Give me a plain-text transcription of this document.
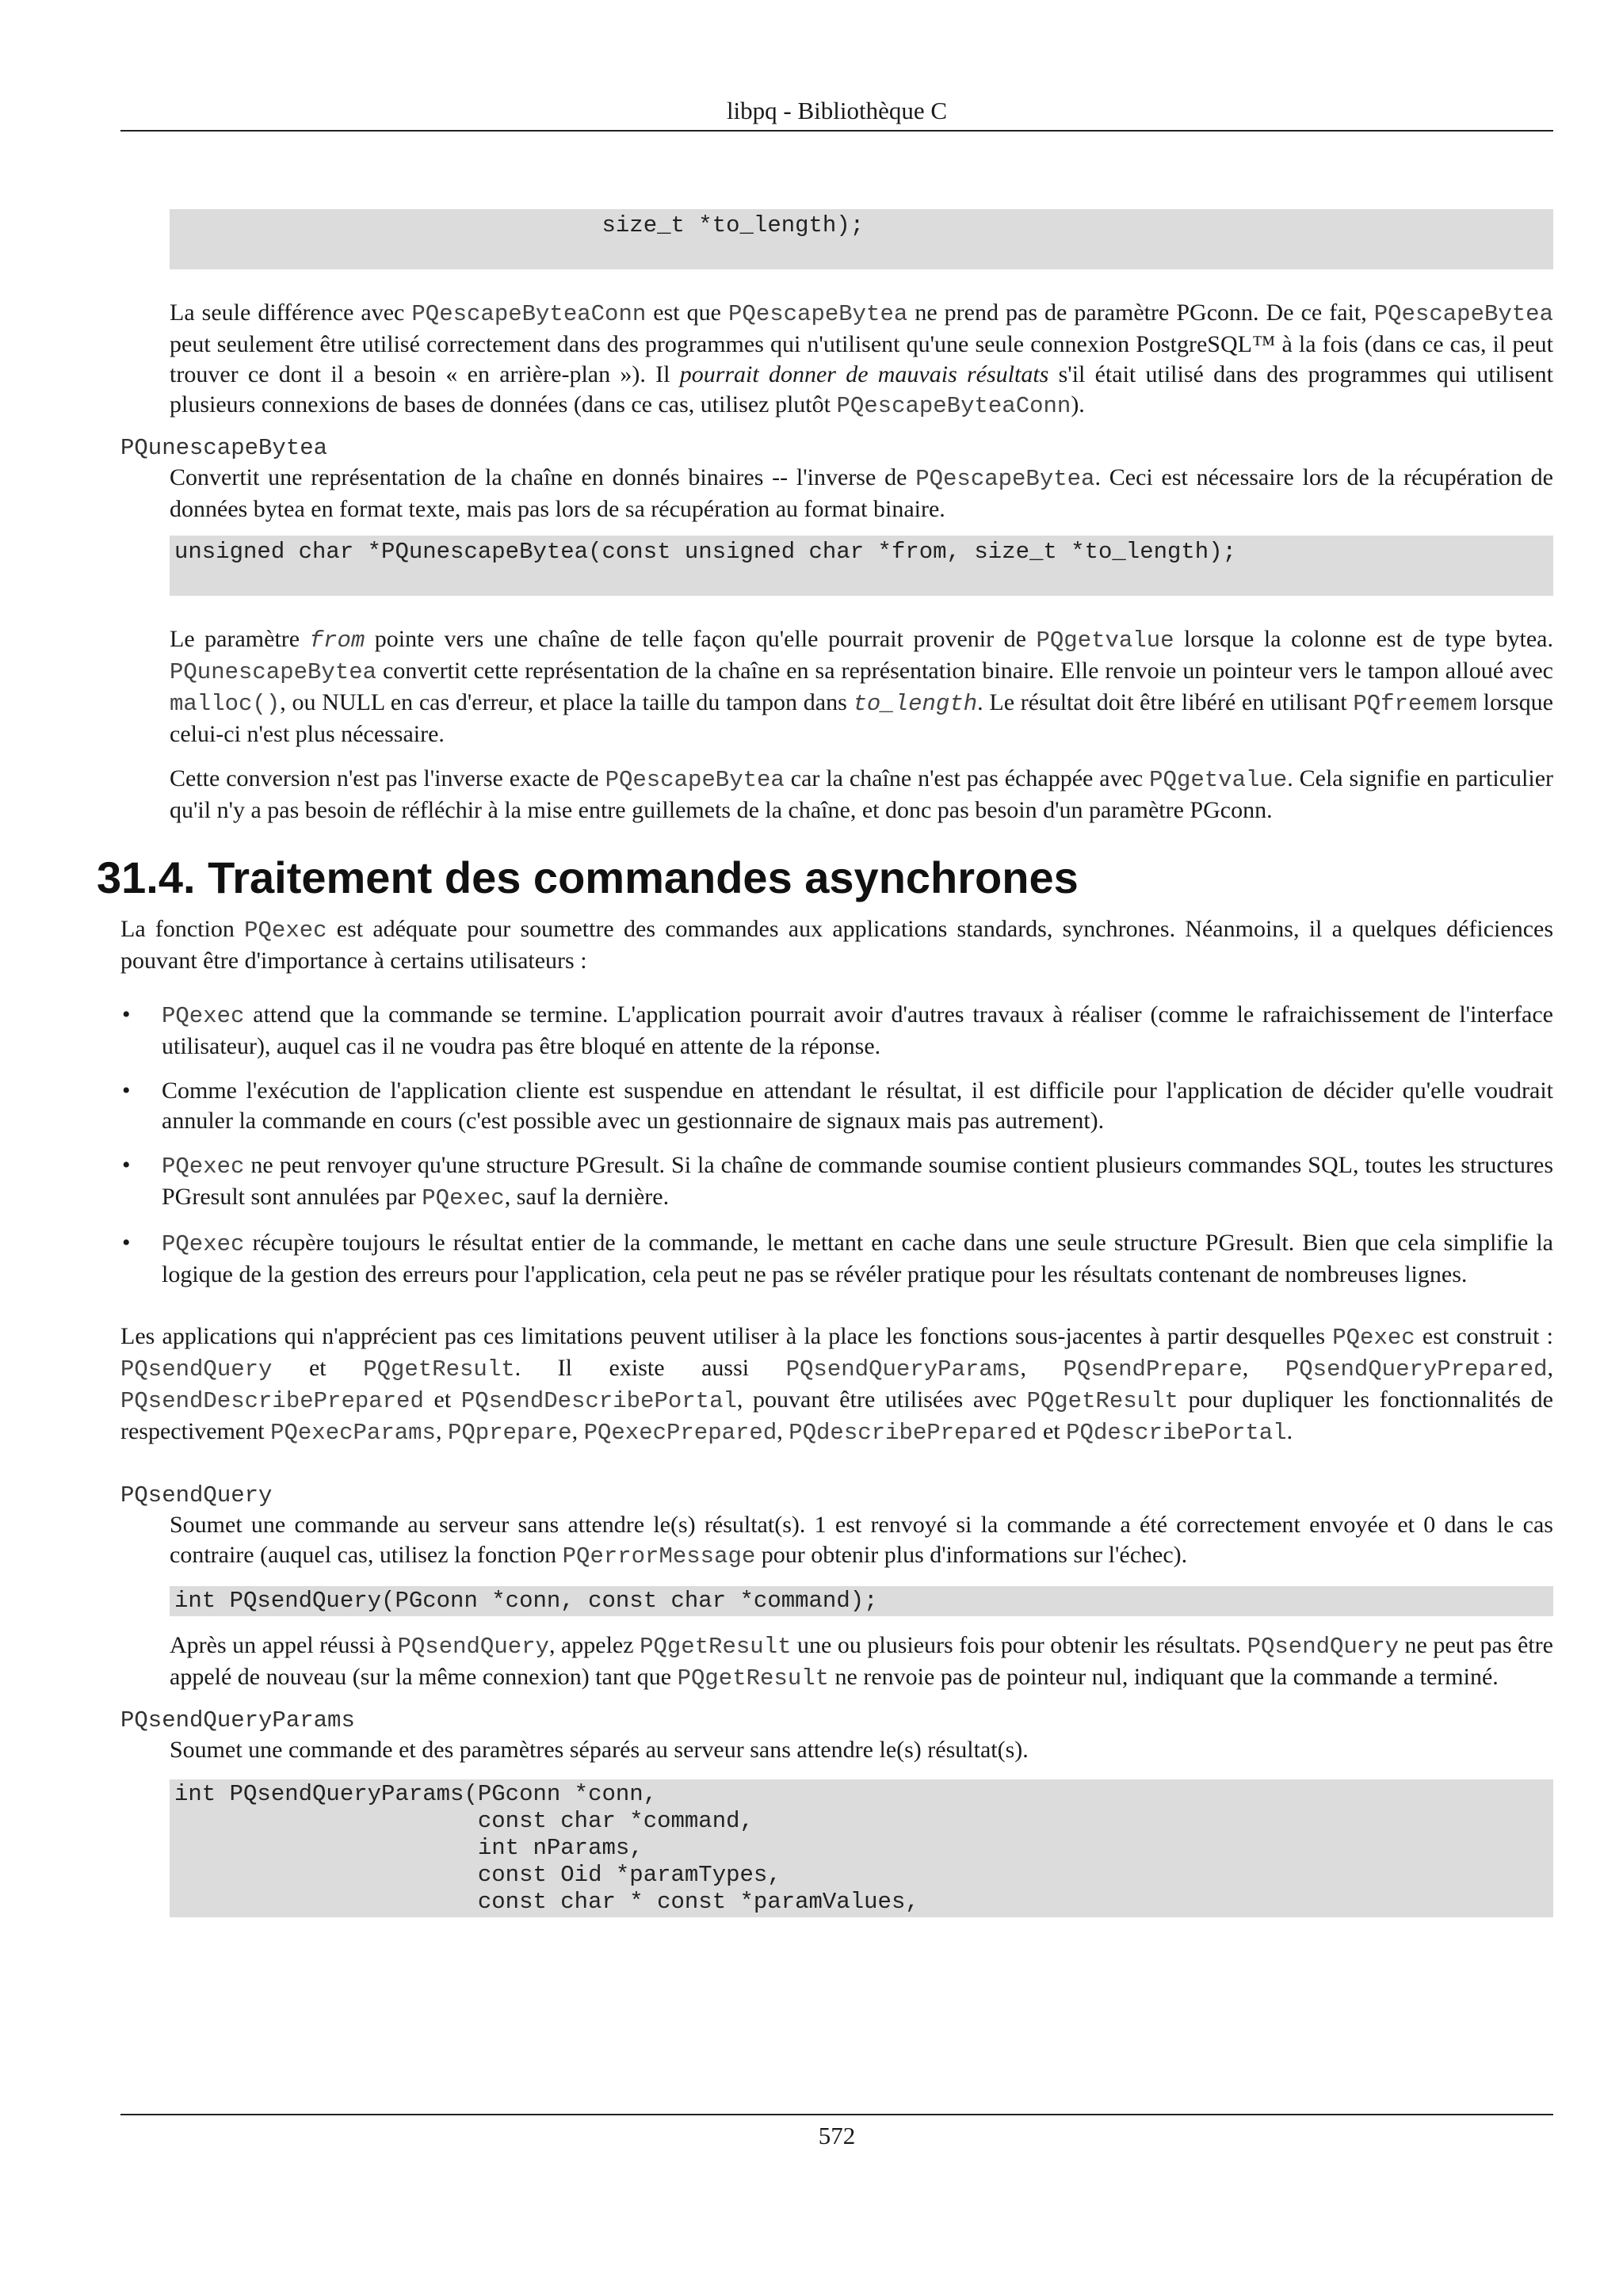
libpq - Bibliothèque C
size_t *to_length);

La seule différence avec PQescapeByteaConn est que PQescapeBytea ne prend pas de paramètre PGconn. De ce fait, PQescapeBytea peut seulement être utilisé correctement dans des programmes qui n'utilisent qu'une seule connexion PostgreSQL™ à la fois (dans ce cas, il peut trouver ce dont il a besoin « en arrière-plan »). Il pourrait donner de mauvais résultats s'il était utilisé dans des programmes qui utilisent plusieurs connexions de bases de données (dans ce cas, utilisez plutôt PQescapeByteaConn).

PQunescapeBytea

Convertit une représentation de la chaîne en donnés binaires -- l'inverse de PQescapeBytea. Ceci est nécessaire lors de la récupération de données bytea en format texte, mais pas lors de sa récupération au format binaire.

unsigned char *PQunescapeBytea(const unsigned char *from, size_t *to_length);

Le paramètre from pointe vers une chaîne de telle façon qu'elle pourrait provenir de PQgetvalue lorsque la colonne est de type bytea. PQunescapeBytea convertit cette représentation de la chaîne en sa représentation binaire. Elle renvoie un pointeur vers le tampon alloué avec malloc(), ou NULL en cas d'erreur, et place la taille du tampon dans to_length. Le résultat doit être libéré en utilisant PQfreemem lorsque celui-ci n'est plus nécessaire.

Cette conversion n'est pas l'inverse exacte de PQescapeBytea car la chaîne n'est pas échappée avec PQgetvalue. Cela signifie en particulier qu'il n'y a pas besoin de réfléchir à la mise entre guillemets de la chaîne, et donc pas besoin d'un paramètre PGconn.

31.4. Traitement des commandes asynchrones

La fonction PQexec est adéquate pour soumettre des commandes aux applications standards, synchrones. Néanmoins, il a quelques déficiences pouvant être d'importance à certains utilisateurs :

• PQexec attend que la commande se termine. L'application pourrait avoir d'autres travaux à réaliser (comme le rafraichissement de l'interface utilisateur), auquel cas il ne voudra pas être bloqué en attente de la réponse.

• Comme l'exécution de l'application cliente est suspendue en attendant le résultat, il est difficile pour l'application de décider qu'elle voudrait annuler la commande en cours (c'est possible avec un gestionnaire de signaux mais pas autrement).

• PQexec ne peut renvoyer qu'une structure PGresult. Si la chaîne de commande soumise contient plusieurs commandes SQL, toutes les structures PGresult sont annulées par PQexec, sauf la dernière.

• PQexec récupère toujours le résultat entier de la commande, le mettant en cache dans une seule structure PGresult. Bien que cela simplifie la logique de la gestion des erreurs pour l'application, cela peut ne pas se révéler pratique pour les résultats contenant de nombreuses lignes.

Les applications qui n'apprécient pas ces limitations peuvent utiliser à la place les fonctions sous-jacentes à partir desquelles PQexec est construit : PQsendQuery et PQgetResult. Il existe aussi PQsendQueryParams, PQsendPrepare, PQsendQueryPrepared, PQsendDescribePrepared et PQsendDescribePortal, pouvant être utilisées avec PQgetResult pour dupliquer les fonctionnalités de respectivement PQexecParams, PQprepare, PQexecPrepared, PQdescribePrepared et PQdescribePortal.

PQsendQuery

Soumet une commande au serveur sans attendre le(s) résultat(s). 1 est renvoyé si la commande a été correctement envoyée et 0 dans le cas contraire (auquel cas, utilisez la fonction PQerrorMessage pour obtenir plus d'informations sur l'échec).

int PQsendQuery(PGconn *conn, const char *command);

Après un appel réussi à PQsendQuery, appelez PQgetResult une ou plusieurs fois pour obtenir les résultats. PQsendQuery ne peut pas être appelé de nouveau (sur la même connexion) tant que PQgetResult ne renvoie pas de pointeur nul, indiquant que la commande a terminé.

PQsendQueryParams

Soumet une commande et des paramètres séparés au serveur sans attendre le(s) résultat(s).

int PQsendQueryParams(PGconn *conn,
const char *command,
int nParams,
const Oid *paramTypes,
const char * const *paramValues,
572
